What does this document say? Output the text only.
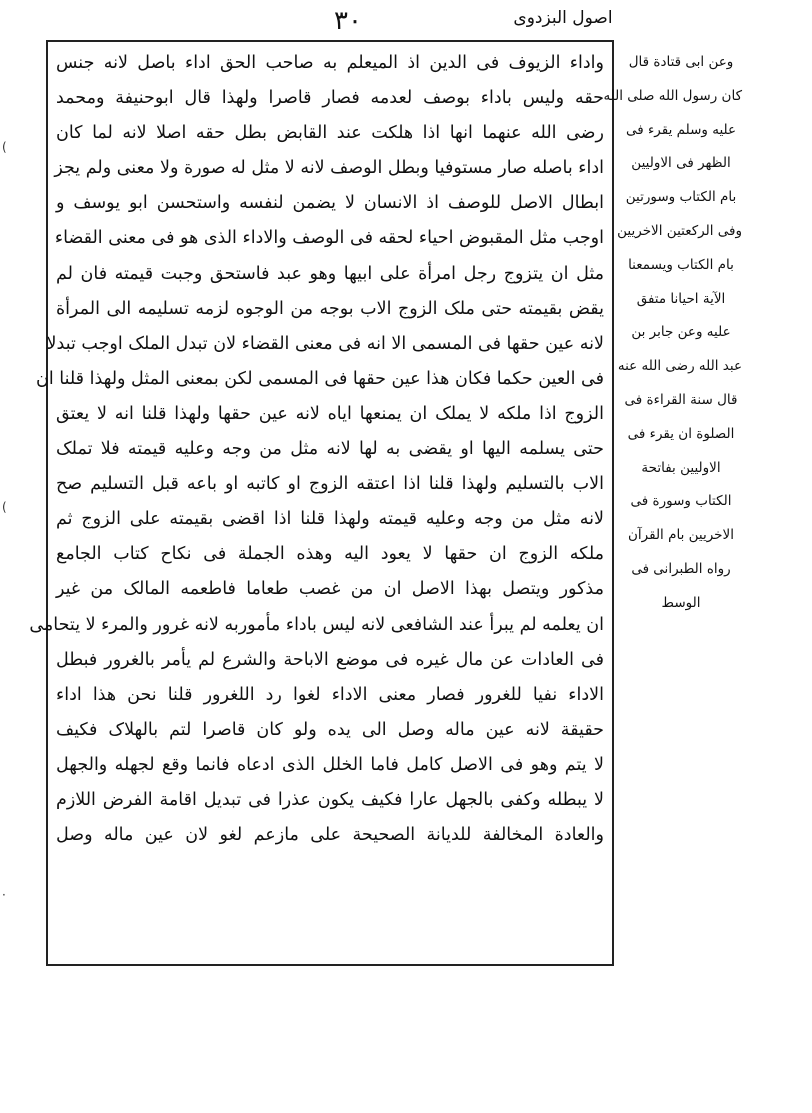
٣٠	اصول البزدوی
واداء الزیوف فی الدین اذ المیعلم به صاحب الحق اداء باصل لانه جنس
حقه ولیس باداء بوصف لعدمه فصار قاصرا ولهذا قال ابوحنیفة ومحمد
رضی الله عنهما انها اذا هلکت عند القابض بطل حقه اصلا لانه لما کان
اداء باصله صار مستوفیا وبطل الوصف لانه لا مثل له صورة ولا معنی ولم یجز
ابطال الاصل للوصف اذ الانسان لا یضمن لنفسه واستحسن ابو یوسف و
اوجب مثل المقبوض احیاء لحقه فی الوصف والاداء الذی هو فی معنی القضاء
مثل ان یتزوج رجل امرأة علی ابیها وهو عبد فاستحق وجبت قیمته فان لم
یقض بقیمته حتی ملک الزوج الاب بوجه من الوجوه لزمه تسلیمه الی المرأة
لانه عین حقها فی المسمی الا انه فی معنی القضاء لان تبدل الملک اوجب تبدلا
فی العین حکما فکان هذا عین حقها فی المسمی لکن بمعنی المثل ولهذا قلنا ان
الزوج اذا ملکه لا یملک ان یمنعها ایاه لانه عین حقها ولهذا قلنا انه لا یعتق
حتی یسلمه الیها او یقضی به لها لانه مثل من وجه وعلیه قیمته فلا تملک
الاب بالتسلیم ولهذا قلنا اذا اعتقه الزوج او کاتبه او باعه قبل التسلیم صح
لانه مثل من وجه وعلیه قیمته ولهذا قلنا اذا اقضی بقیمته علی الزوج ثم
ملکه الزوج ان حقها لا یعود الیه وهذه الجملة فی نکاح کتاب الجامع
مذکور ویتصل بهذا الاصل ان من غصب طعاما فاطعمه المالک من غیر
ان یعلمه لم یبرأ عند الشافعی لانه لیس باداء مأموربه لانه غرور والمرء لا یتحامی
فی العادات عن مال غیره فی موضع الاباحة والشرع لم یأمر بالغرور فبطل
الاداء نفیا للغرور فصار معنی الاداء لغوا رد اللغرور قلنا نحن هذا اداء
حقیقة لانه عین ماله وصل الی یده ولو کان قاصرا لتم بالهلاک فکیف
لا یتم وهو فی الاصل کامل فاما الخلل الذی ادعاه فانما وقع لجهله والجهل
لا یبطله وکفی بالجهل عارا فکیف یکون عذرا فی تبدیل اقامة الفرض اللازم
والعادة المخالفة للدیانة الصحیحة علی مازعم لغو لان عین ماله وصل
وعن ابی قتادة قال
کان رسول الله صلی الله
علیه وسلم یقرء فی
الظهر فی الاولیین
بام الکتاب وسورتین
وفی الرکعتین الاخریین
بام الکتاب ویسمعنا
الآیة احیانا متفق
علیه وعن جابر بن
عبد الله رضی الله عنه
قال سنة القراءة فی
الصلوة ان یقرء فی
الاولیین بفاتحة
الکتاب وسورة فی
الاخریین بام القرآن
رواه الطبرانی فی
الوسط
)
)
·
